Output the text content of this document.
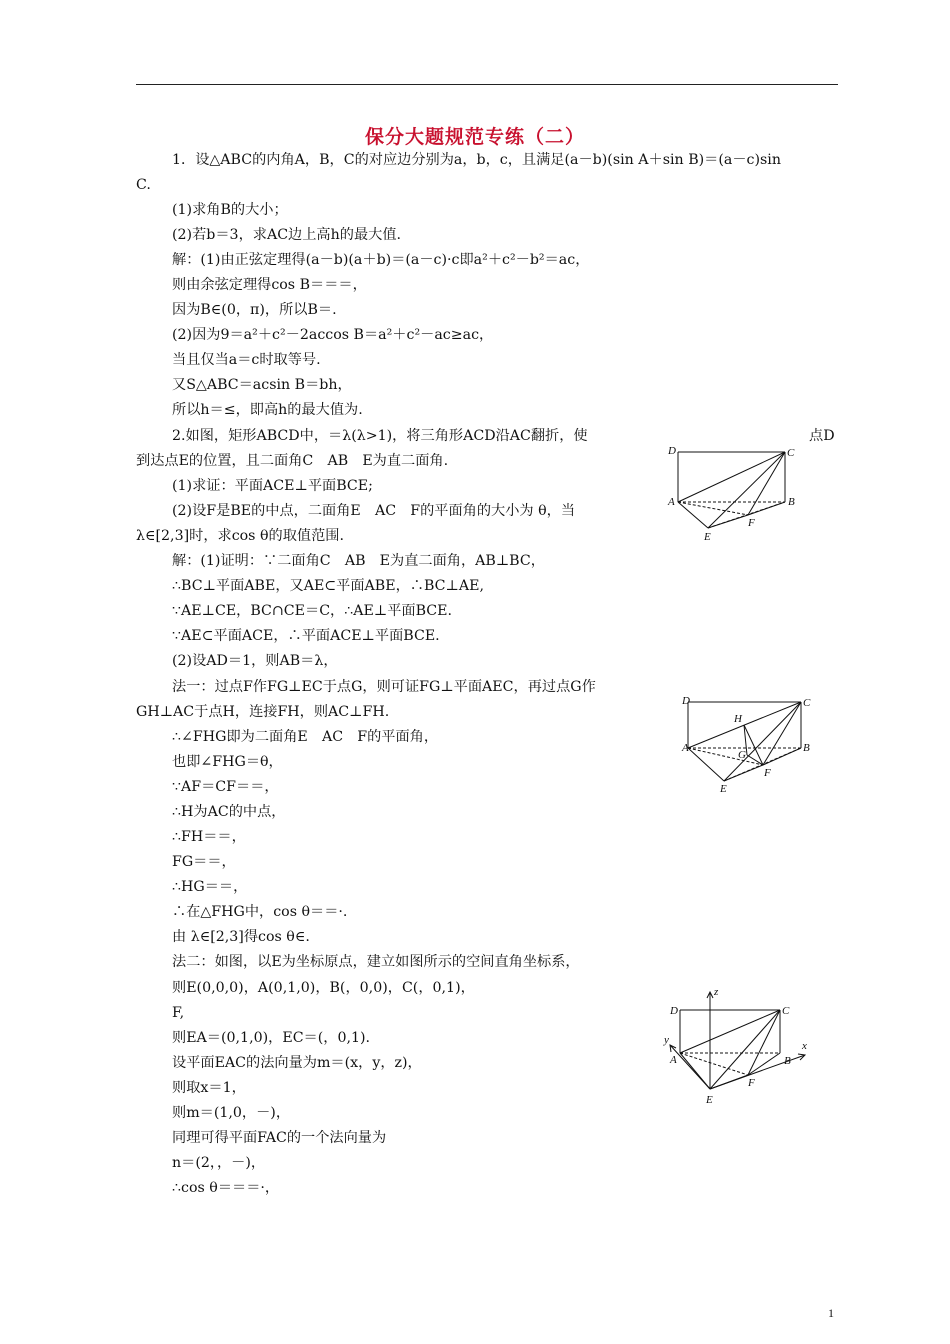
保分大题规范专练（二）
1．设△ABC的内角A，B，C的对应边分别为a，b，c，且满足(a－b)(sin A＋sin B)＝(a－c)sin
C.
(1)求角B的大小；
(2)若b＝3，求AC边上高h的最大值.
解：(1)由正弦定理得(a－b)(a＋b)＝(a－c)·c即a²＋c²－b²＝ac，
则由余弦定理得cos B＝＝＝，
因为B∈(0，π)，所以B＝.
(2)因为9＝a²＋c²－2accos B＝a²＋c²－ac≥ac，
当且仅当a＝c时取等号.
又S△ABC＝acsin B＝bh，
所以h＝≤，即高h的最大值为.
2.如图，矩形ABCD中，＝λ(λ>1)，将三角形ACD沿AC翻折，使	点D
到达点E的位置，且二面角C　AB　E为直二面角.
(1)求证：平面ACE⊥平面BCE;
(2)设F是BE的中点，二面角E　AC　F的平面角的大小为 θ，当
λ∈[2,3]时，求cos θ的取值范围.
解：(1)证明：∵二面角C　AB　E为直二面角，AB⊥BC，
∴BC⊥平面ABE，又AE⊂平面ABE，∴BC⊥AE,
∵AE⊥CE，BC∩CE＝C，∴AE⊥平面BCE.
∵AE⊂平面ACE，∴平面ACE⊥平面BCE.
(2)设AD＝1，则AB＝λ，
法一：过点F作FG⊥EC于点G，则可证FG⊥平面AEC，再过点G作
GH⊥AC于点H，连接FH，则AC⊥FH.
∴∠FHG即为二面角E　AC　F的平面角，
也即∠FHG＝θ，
∵AF＝CF＝＝，
∴H为AC的中点，
∴FH＝＝，
FG＝＝，
∴HG＝＝，
∴在△FHG中，cos θ＝＝·.
由 λ∈[2,3]得cos θ∈.
法二：如图，以E为坐标原点，建立如图所示的空间直角坐标系，
则E(0,0,0)，A(0,1,0)，B(，0,0)，C(，0,1)，
F,
则EA＝(0,1,0)，EC＝(，0,1).
设平面EAC的法向量为m＝(x，y，z)，
则取x＝1，
则m＝(1,0，－)，
同理可得平面FAC的一个法向量为
n＝(2，，－)，
∴cos θ＝＝＝·，
D	C
A	B
F
E
D	C
H
A
G
B
F
E
z
D	C
y	x
A	B
F
E
1
